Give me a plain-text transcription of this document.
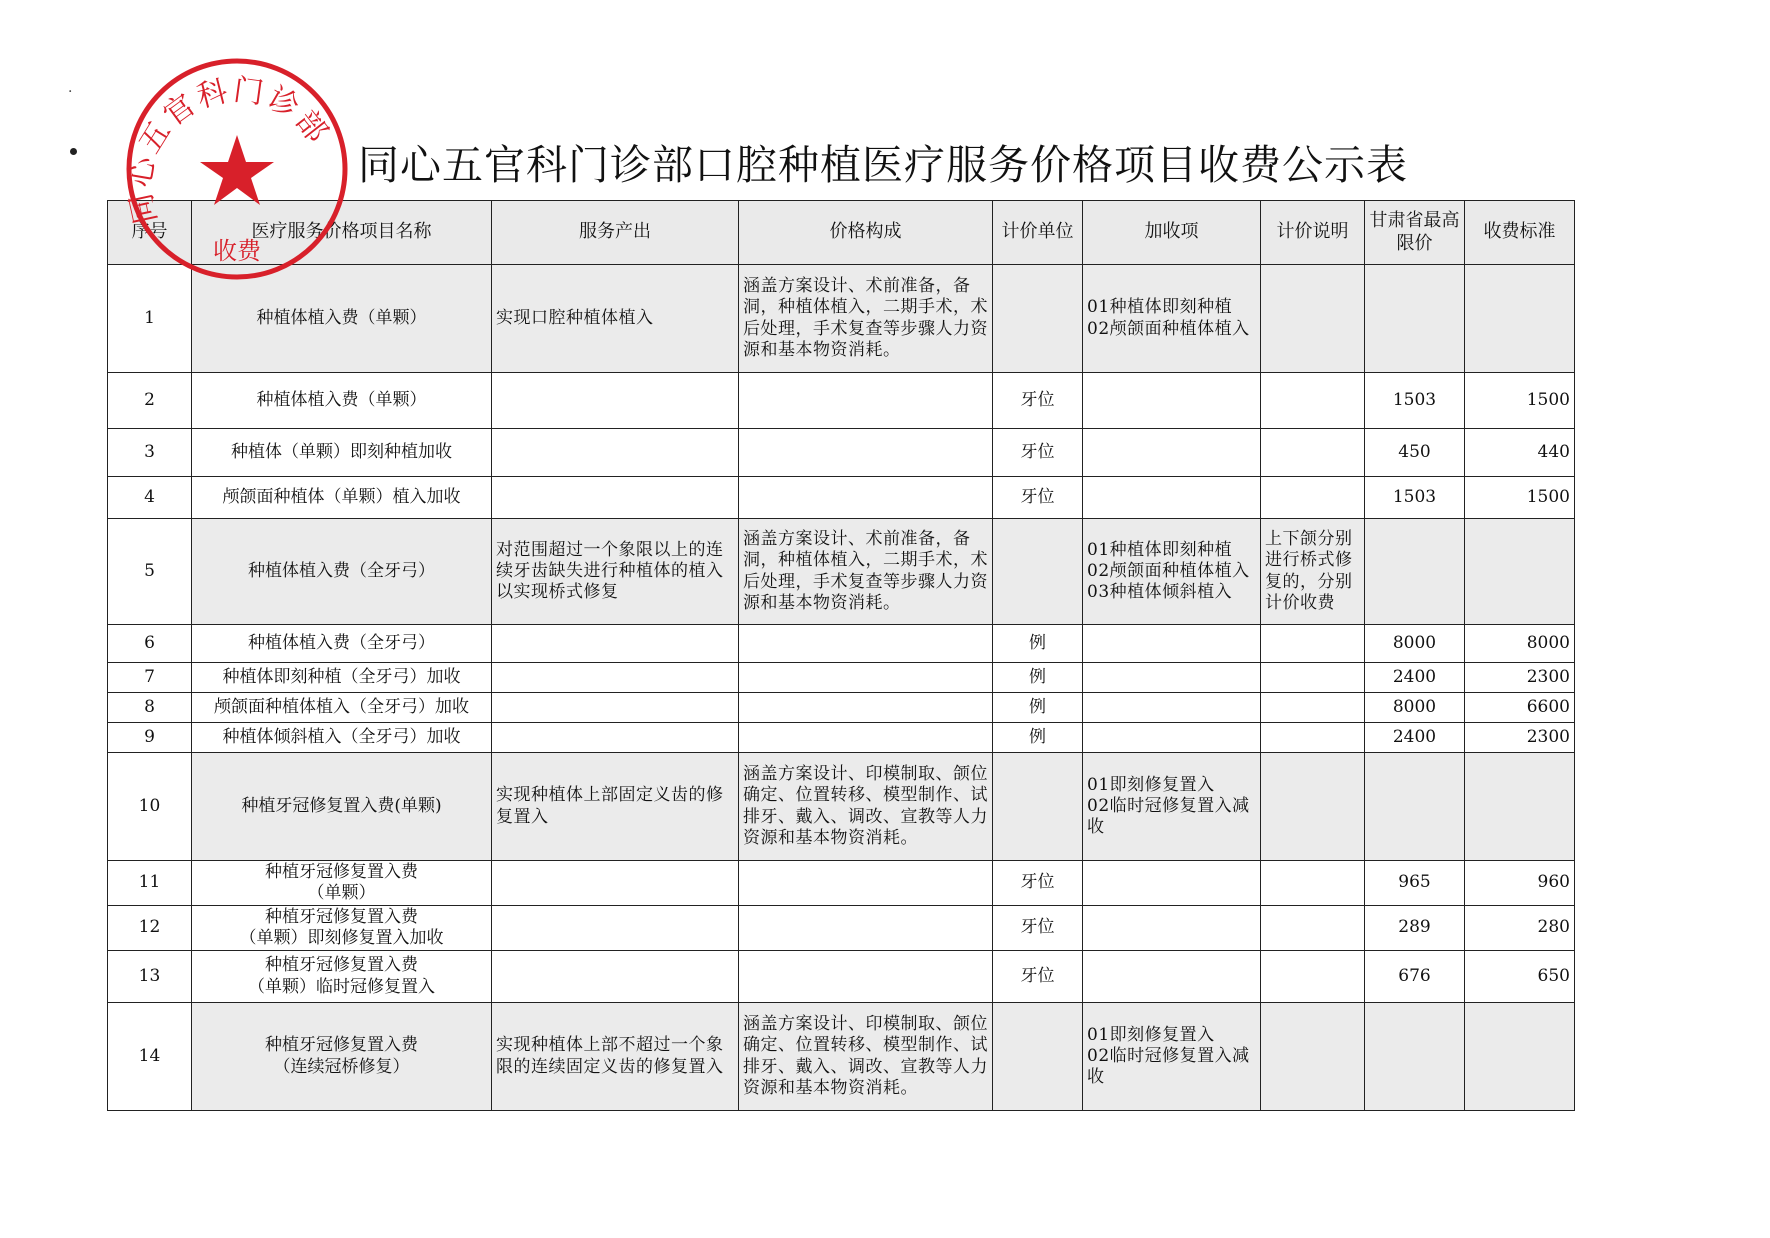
·
同心五官科门诊部口腔种植医疗服务价格项目收费公示表
序号	医疗服务价格项目名称	服务产出	价格构成	计价单位	加收项	计价说明	甘肃省最高限价	收费标准
1	种植体植入费（单颗）	实现口腔种植体植入	涵盖方案设计、术前准备，备洞，种植体植入，二期手术，术后处理，手术复查等步骤人力资源和基本物资消耗。		01种植体即刻种植
02颅颌面种植体植入			
2	种植体植入费（单颗）			牙位			1503	1500
3	种植体（单颗）即刻种植加收			牙位			450	440
4	颅颌面种植体（单颗）植入加收			牙位			1503	1500
5	种植体植入费（全牙弓）	对范围超过一个象限以上的连续牙齿缺失进行种植体的植入以实现桥式修复	涵盖方案设计、术前准备，备洞，种植体植入，二期手术，术后处理，手术复查等步骤人力资源和基本物资消耗。		01种植体即刻种植
02颅颌面种植体植入
03种植体倾斜植入	上下颌分别进行桥式修复的，分别计价收费		
6	种植体植入费（全牙弓）			例			8000	8000
7	种植体即刻种植（全牙弓）加收			例			2400	2300
8	颅颌面种植体植入（全牙弓）加收			例			8000	6600
9	种植体倾斜植入（全牙弓）加收			例			2400	2300
10	种植牙冠修复置入费(单颗)	实现种植体上部固定义齿的修复置入	涵盖方案设计、印模制取、颌位确定、位置转移、模型制作、试排牙、戴入、调改、宣教等人力资源和基本物资消耗。		01即刻修复置入
02临时冠修复置入减收			
11	种植牙冠修复置入费
（单颗）			牙位			965	960
12	种植牙冠修复置入费
（单颗）即刻修复置入加收			牙位			289	280
13	种植牙冠修复置入费
（单颗）临时冠修复置入			牙位			676	650
14	种植牙冠修复置入费
（连续冠桥修复）	实现种植体上部不超过一个象限的连续固定义齿的修复置入	涵盖方案设计、印模制取、颌位确定、位置转移、模型制作、试排牙、戴入、调改、宣教等人力资源和基本物资消耗。		01即刻修复置入
02临时冠修复置入减收			
同心五官科门诊部
收费
